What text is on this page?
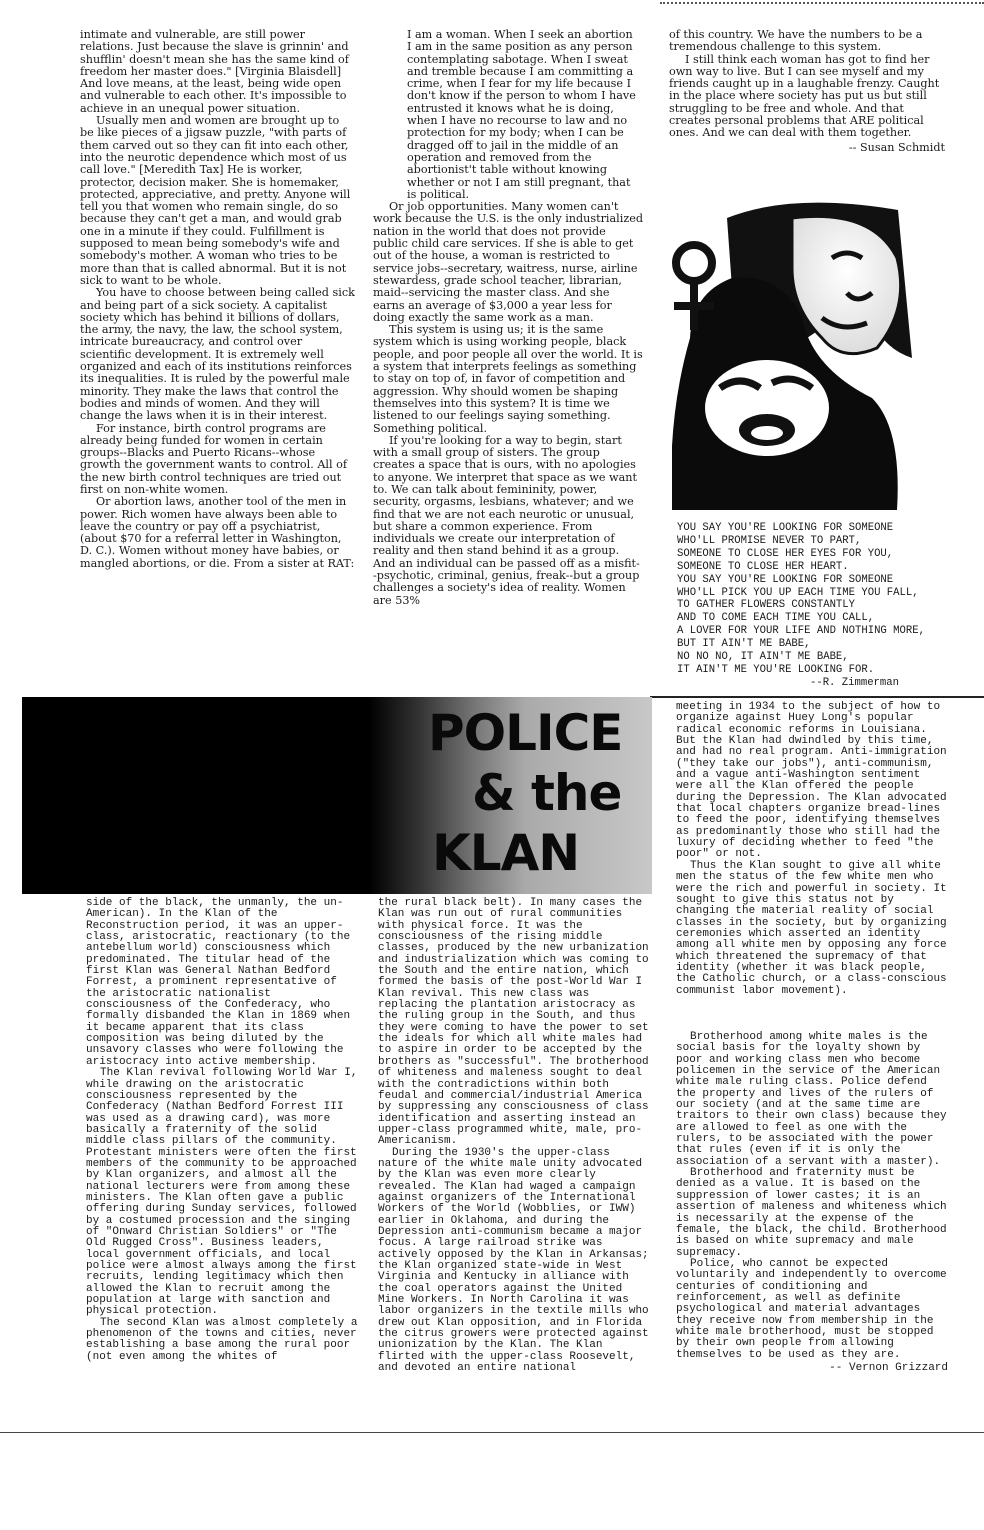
intimate and vulnerable, are still power relations. Just because the slave is grinnin' and shufflin' doesn't mean she has the same kind of freedom her master does." [Virginia Blaisdell] And love means, at the least, being wide open and vulnerable to each other. It's impossible to achieve in an unequal power situation.

Usually men and women are brought up to be like pieces of a jigsaw puzzle, "with parts of them carved out so they can fit into each other, into the neurotic dependence which most of us call love." [Meredith Tax] He is worker, protector, decision maker. She is homemaker, protected, appreciative, and pretty. Anyone will tell you that women who remain single, do so because they can't get a man, and would grab one in a minute if they could. Fulfillment is supposed to mean being somebody's wife and somebody's mother. A woman who tries to be more than that is called abnormal. But it is not sick to want to be whole.

You have to choose between being called sick and being part of a sick society. A capitalist society which has behind it billions of dollars, the army, the navy, the law, the school system, intricate bureaucracy, and control over scientific development. It is extremely well organized and each of its institutions reinforces its inequalities. It is ruled by the powerful male minority. They make the laws that control the bodies and minds of women. And they will change the laws when it is in their interest.

For instance, birth control programs are already being funded for women in certain groups--Blacks and Puerto Ricans--whose growth the government wants to control. All of the new birth control techniques are tried out first on non-white women.

Or abortion laws, another tool of the men in power. Rich women have always been able to leave the country or pay off a psychiatrist, (about $70 for a referral letter in Washington, D. C.). Women without money have babies, or mangled abortions, or die. From a sister at RAT:

I am a woman. When I seek an abortion I am in the same position as any person contemplating sabotage. When I sweat and tremble because I am committing a crime, when I fear for my life because I don't know if the person to whom I have entrusted it knows what he is doing, when I have no recourse to law and no protection for my body; when I can be dragged off to jail in the middle of an operation and removed from the abortionist't table without knowing whether or not I am still pregnant, that is political.

Or job opportunities. Many women can't work because the U.S. is the only industrialized nation in the world that does not provide public child care services. If she is able to get out of the house, a woman is restricted to service jobs--secretary, waitress, nurse, airline stewardess, grade school teacher, librarian, maid--servicing the master class. And she earns an average of $3,000 a year less for doing exactly the same work as a man.

This system is using us; it is the same system which is using working people, black people, and poor people all over the world. It is a system that interprets feelings as something to stay on top of, in favor of competition and aggression. Why should women be shaping themselves into this system? It is time we listened to our feelings saying something. Something political.

If you're looking for a way to begin, start with a small group of sisters. The group creates a space that is ours, with no apologies to anyone. We interpret that space as we want to. We can talk about femininity, power, security, orgasms, lesbians, whatever; and we find that we are not each neurotic or unusual, but share a common experience. From individuals we create our interpretation of reality and then stand behind it as a group. And an individual can be passed off as a misfit--psychotic, criminal, genius, freak--but a group challenges a society's idea of reality. Women are 53%

of this country. We have the numbers to be a tremendous challenge to this system.

I still think each woman has got to find her own way to live. But I can see myself and my friends caught up in a laughable frenzy. Caught in the place where society has put us but still struggling to be free and whole. And that creates personal problems that ARE political ones. And we can deal with them together.

-- Susan Schmidt

YOU SAY YOU'RE LOOKING FOR SOMEONE
WHO'LL PROMISE NEVER TO PART,
SOMEONE TO CLOSE HER EYES FOR YOU,
SOMEONE TO CLOSE HER HEART.
YOU SAY YOU'RE LOOKING FOR SOMEONE
WHO'LL PICK YOU UP EACH TIME YOU FALL,
TO GATHER FLOWERS CONSTANTLY
AND TO COME EACH TIME YOU CALL,
A LOVER FOR YOUR LIFE AND NOTHING MORE,
BUT IT AIN'T ME BABE,
NO NO NO, IT AIN'T ME BABE,
IT AIN'T ME YOU'RE LOOKING FOR.
--R. Zimmerman
POLICE
& the
KLAN

meeting in 1934 to the subject of how to organize against Huey Long's popular radical economic reforms in Louisiana. But the Klan had dwindled by this time, and had no real program. Anti-immigration ("they take our jobs"), anti-communism, and a vague anti-Washington sentiment were all the Klan offered the people during the Depression. The Klan advocated that local chapters organize bread-lines to feed the poor, identifying themselves as predominantly those who still had the luxury of deciding whether to feed "the poor" or not.

Thus the Klan sought to give all white men the status of the few white men who were the rich and powerful in society. It sought to give this status not by changing the material reality of social classes in the society, but by organizing ceremonies which asserted an identity among all white men by opposing any force which threatened the supremacy of that identity (whether it was black people, the Catholic church, or a class-conscious communist labor movement).

side of the black, the unmanly, the un-American). In the Klan of the Reconstruction period, it was an upper-class, aristocratic, reactionary (to the antebellum world) consciousness which predominated. The titular head of the first Klan was General Nathan Bedford Forrest, a prominent representative of the aristocratic nationalist consciousness of the Confederacy, who formally disbanded the Klan in 1869 when it became apparent that its class composition was being diluted by the unsavory classes who were following the aristocracy into active membership.

The Klan revival following World War I, while drawing on the aristocratic consciousness represented by the Confederacy (Nathan Bedford Forrest III was used as a drawing card), was more basically a fraternity of the solid middle class pillars of the community. Protestant ministers were often the first members of the community to be approached by Klan organizers, and almost all the national lecturers were from among these ministers. The Klan often gave a public offering during Sunday services, followed by a costumed procession and the singing of "Onward Christian Soldiers" or "The Old Rugged Cross". Business leaders, local government officials, and local police were almost always among the first recruits, lending legitimacy which then allowed the Klan to recruit among the population at large with sanction and physical protection.

The second Klan was almost completely a phenomenon of the towns and cities, never establishing a base among the rural poor (not even among the whites of

the rural black belt). In many cases the Klan was run out of rural communities with physical force. It was the consciousness of the rising middle classes, produced by the new urbanization and industrialization which was coming to the South and the entire nation, which formed the basis of the post-World War I Klan revival. This new class was replacing the plantation aristocracy as the ruling group in the South, and thus they were coming to have the power to set the ideals for which all white males had to aspire in order to be accepted by the brothers as "successful". The brotherhood of whiteness and maleness sought to deal with the contradictions within both feudal and commercial/industrial America by suppressing any consciousness of class identification and asserting instead an upper-class programmed white, male, pro-Americanism.

During the 1930's the upper-class nature of the white male unity advocated by the Klan was even more clearly revealed. The Klan had waged a campaign against organizers of the International Workers of the World (Wobblies, or IWW) earlier in Oklahoma, and during the Depression anti-communism became a major focus. A large railroad strike was actively opposed by the Klan in Arkansas; the Klan organized state-wide in West Virginia and Kentucky in alliance with the coal operators against the United Mine Workers. In North Carolina it was labor organizers in the textile mills who drew out Klan opposition, and in Florida the citrus growers were protected against unionization by the Klan. The Klan flirted with the upper-class Roosevelt, and devoted an entire national

Brotherhood among white males is the social basis for the loyalty shown by poor and working class men who become policemen in the service of the American white male ruling class. Police defend the property and lives of the rulers of our society (and at the same time are traitors to their own class) because they are allowed to feel as one with the rulers, to be associated with the power that rules (even if it is only the association of a servant with a master).

Brotherhood and fraternity must be denied as a value. It is based on the suppression of lower castes; it is an assertion of maleness and whiteness which is necessarily at the expense of the female, the black, the child. Brotherhood is based on white supremacy and male supremacy.

Police, who cannot be expected voluntarily and independently to overcome centuries of conditioning and reinforcement, as well as definite psychological and material advantages they receive now from membership in the white male brotherhood, must be stopped by their own people from allowing themselves to be used as they are.

-- Vernon Grizzard
